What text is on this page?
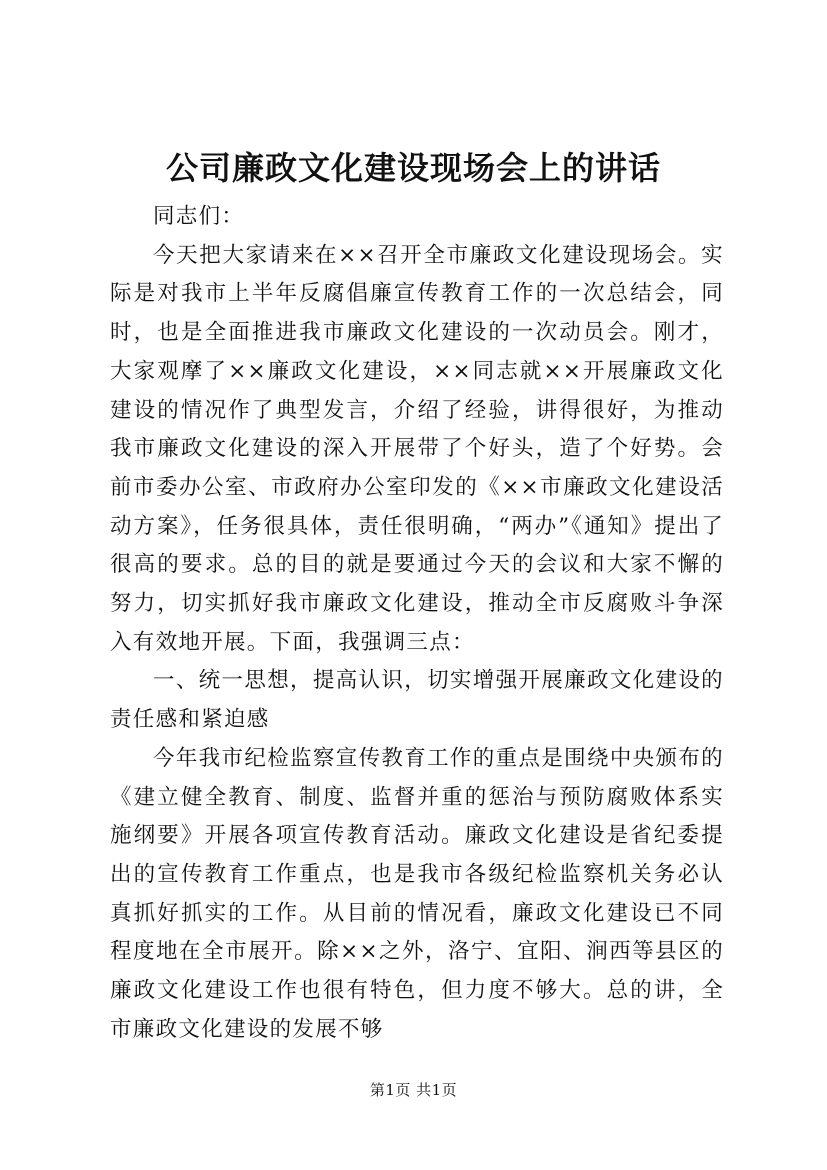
公司廉政文化建设现场会上的讲话

同志们：

今天把大家请来在××召开全市廉政文化建设现场会。实际是对我市上半年反腐倡廉宣传教育工作的一次总结会，同时，也是全面推进我市廉政文化建设的一次动员会。刚才，大家观摩了××廉政文化建设，××同志就××开展廉政文化建设的情况作了典型发言，介绍了经验，讲得很好，为推动我市廉政文化建设的深入开展带了个好头，造了个好势。会前市委办公室、市政府办公室印发的《××市廉政文化建设活动方案》，任务很具体，责任很明确，“两办”《通知》提出了很高的要求。总的目的就是要通过今天的会议和大家不懈的努力，切实抓好我市廉政文化建设，推动全市反腐败斗争深入有效地开展。下面，我强调三点：

一、统一思想，提高认识，切实增强开展廉政文化建设的责任感和紧迫感

今年我市纪检监察宣传教育工作的重点是围绕中央颁布的《建立健全教育、制度、监督并重的惩治与预防腐败体系实施纲要》开展各项宣传教育活动。廉政文化建设是省纪委提出的宣传教育工作重点，也是我市各级纪检监察机关务必认真抓好抓实的工作。从目前的情况看，廉政文化建设已不同程度地在全市展开。除××之外，洛宁、宜阳、涧西等县区的廉政文化建设工作也很有特色，但力度不够大。总的讲，全市廉政文化建设的发展不够

第1页 共1页
